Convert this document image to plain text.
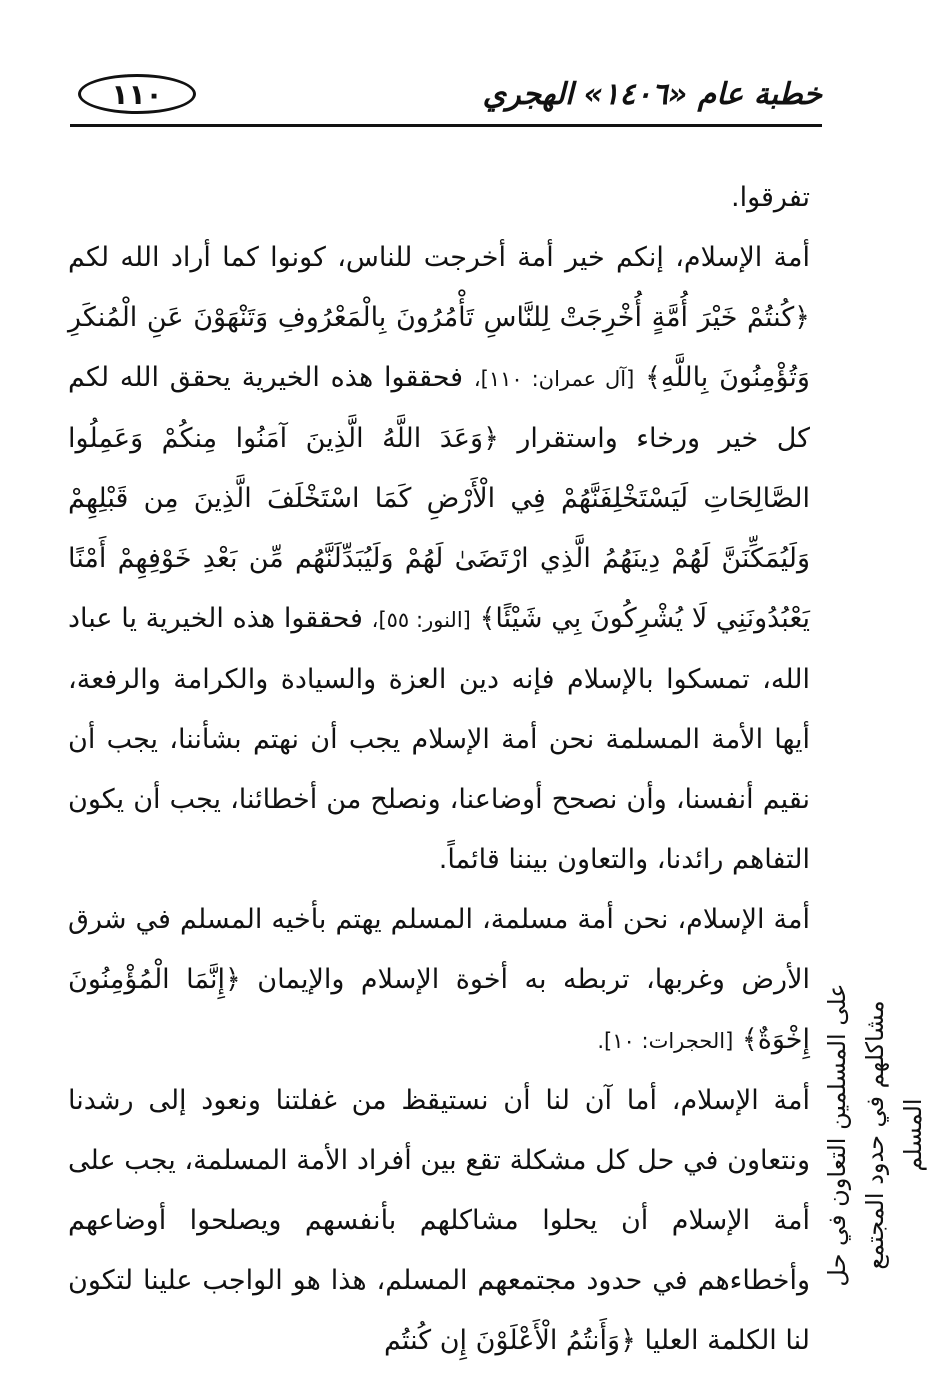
١١٠	خطبة عام «١٤٠٦» الهجري

تفرقوا.

أمة الإسلام، إنكم خير أمة أخرجت للناس، كونوا كما أراد الله لكم ﴿كُنتُمْ خَيْرَ أُمَّةٍ أُخْرِجَتْ لِلنَّاسِ تَأْمُرُونَ بِالْمَعْرُوفِ وَتَنْهَوْنَ عَنِ الْمُنكَرِ وَتُؤْمِنُونَ بِاللَّهِ﴾ [آل عمران: ١١٠]، فحققوا هذه الخيرية يحقق الله لكم كل خير ورخاء واستقرار ﴿وَعَدَ اللَّهُ الَّذِينَ آمَنُوا مِنكُمْ وَعَمِلُوا الصَّالِحَاتِ لَيَسْتَخْلِفَنَّهُمْ فِي الْأَرْضِ كَمَا اسْتَخْلَفَ الَّذِينَ مِن قَبْلِهِمْ وَلَيُمَكِّنَنَّ لَهُمْ دِينَهُمُ الَّذِي ارْتَضَىٰ لَهُمْ وَلَيُبَدِّلَنَّهُم مِّن بَعْدِ خَوْفِهِمْ أَمْنًا يَعْبُدُونَنِي لَا يُشْرِكُونَ بِي شَيْئًا﴾ [النور: ٥٥]، فحققوا هذه الخيرية يا عباد الله، تمسكوا بالإسلام فإنه دين العزة والسيادة والكرامة والرفعة، أيها الأمة المسلمة نحن أمة الإسلام يجب أن نهتم بشأننا، يجب أن نقيم أنفسنا، وأن نصحح أوضاعنا، ونصلح من أخطائنا، يجب أن يكون التفاهم رائدنا، والتعاون بيننا قائماً.

أمة الإسلام، نحن أمة مسلمة، المسلم يهتم بأخيه المسلم في شرق الأرض وغربها، تربطه به أخوة الإسلام والإيمان ﴿إِنَّمَا الْمُؤْمِنُونَ إِخْوَةٌ﴾ [الحجرات: ١٠].

أمة الإسلام، أما آن لنا أن نستيقظ من غفلتنا ونعود إلى رشدنا ونتعاون في حل كل مشكلة تقع بين أفراد الأمة المسلمة، يجب على أمة الإسلام أن يحلوا مشاكلهم بأنفسهم ويصلحوا أوضاعهم وأخطاءهم في حدود مجتمعهم المسلم، هذا هو الواجب علينا لتكون لنا الكلمة العليا ﴿وَأَنتُمُ الْأَعْلَوْنَ إِن كُنتُم

على المسلمين التعاون في حل مشاكلهم في حدود المجتمع المسلم
